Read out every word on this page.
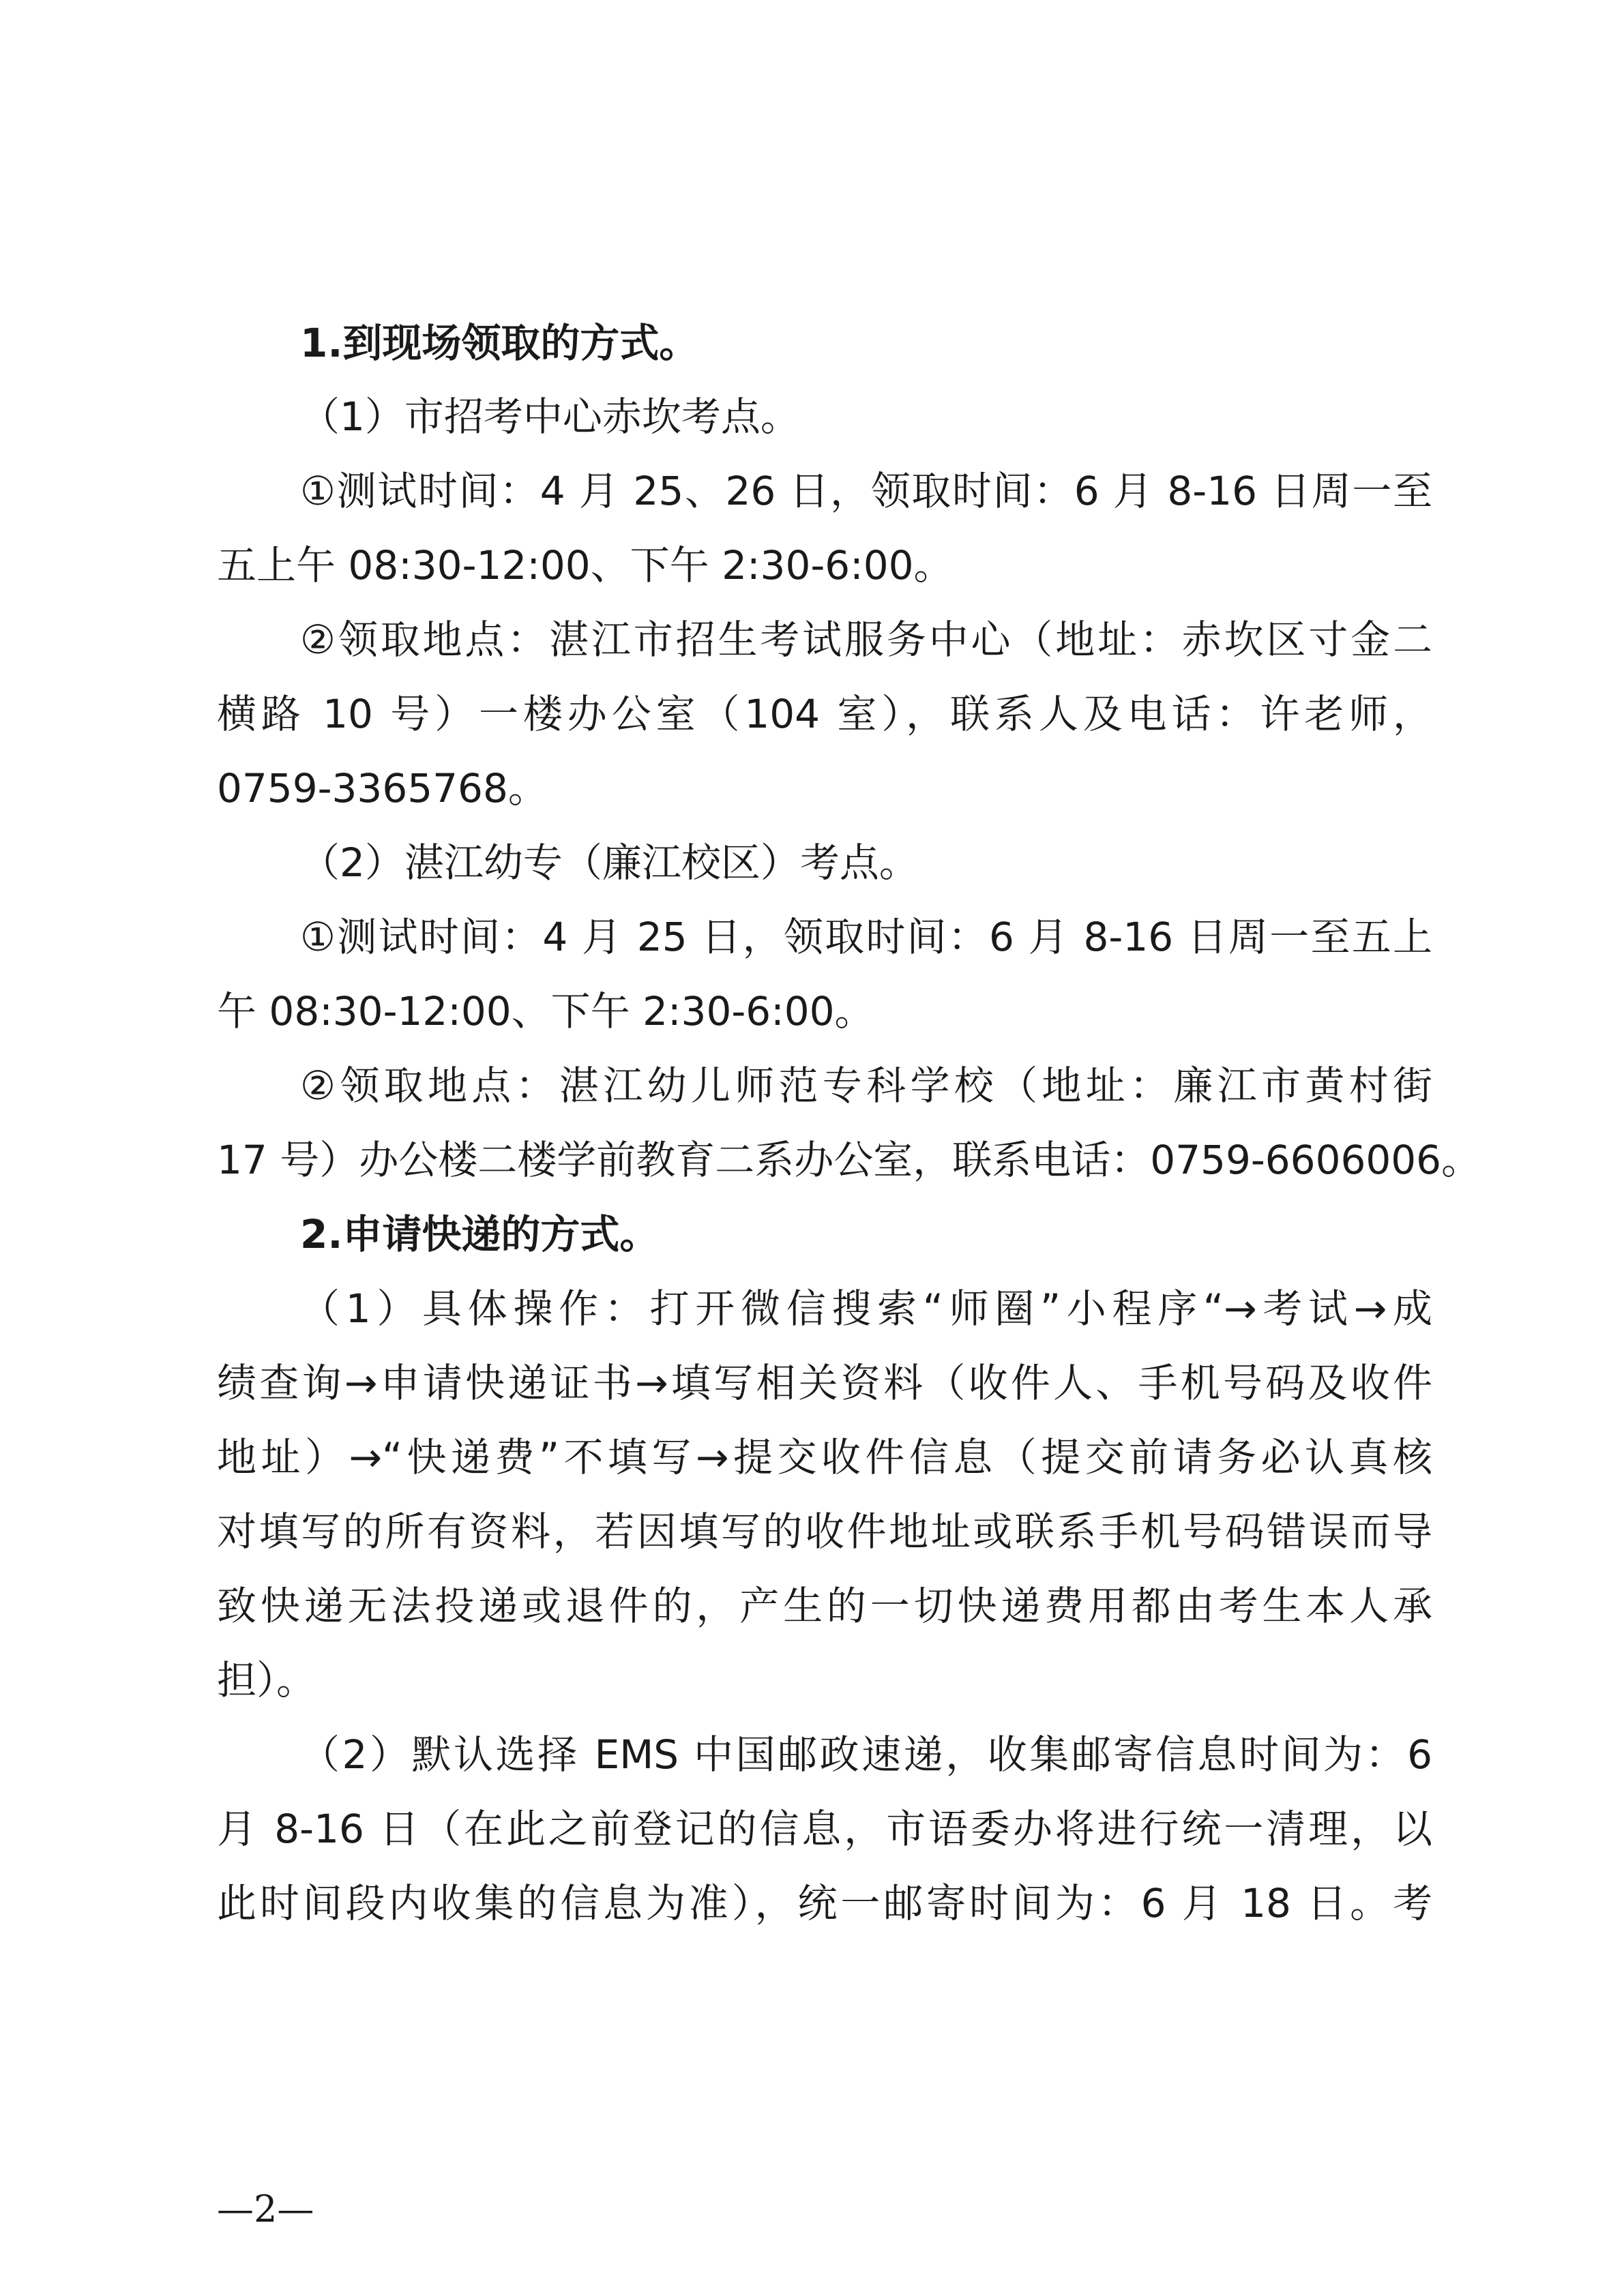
1.到现场领取的方式。

（1）市招考中心赤坎考点。

①测试时间：4 月 25、26 日，领取时间：6 月 8-16 日周一至

五上午 08:30-12:00、下午 2:30-6:00。

②领取地点：湛江市招生考试服务中心（地址：赤坎区寸金二

横路 10 号）一楼办公室（104 室），联系人及电话：许老师，

0759-3365768。

（2）湛江幼专（廉江校区）考点。

①测试时间：4 月 25 日，领取时间：6 月 8-16 日周一至五上

午 08:30-12:00、下午 2:30-6:00。

②领取地点：湛江幼儿师范专科学校（地址：廉江市黄村街

17 号）办公楼二楼学前教育二系办公室，联系电话：0759-6606006。

2.申请快递的方式。

（1）具体操作：打开微信搜索“师圈”小程序“→考试→成

绩查询→申请快递证书→填写相关资料（收件人、手机号码及收件

地址）→“快递费”不填写→提交收件信息（提交前请务必认真核

对填写的所有资料，若因填写的收件地址或联系手机号码错误而导

致快递无法投递或退件的，产生的一切快递费用都由考生本人承

担）。

（2）默认选择 EMS 中国邮政速递，收集邮寄信息时间为：6

月 8-16 日（在此之前登记的信息，市语委办将进行统一清理，以

此时间段内收集的信息为准），统一邮寄时间为：6 月 18 日。考

—2—
